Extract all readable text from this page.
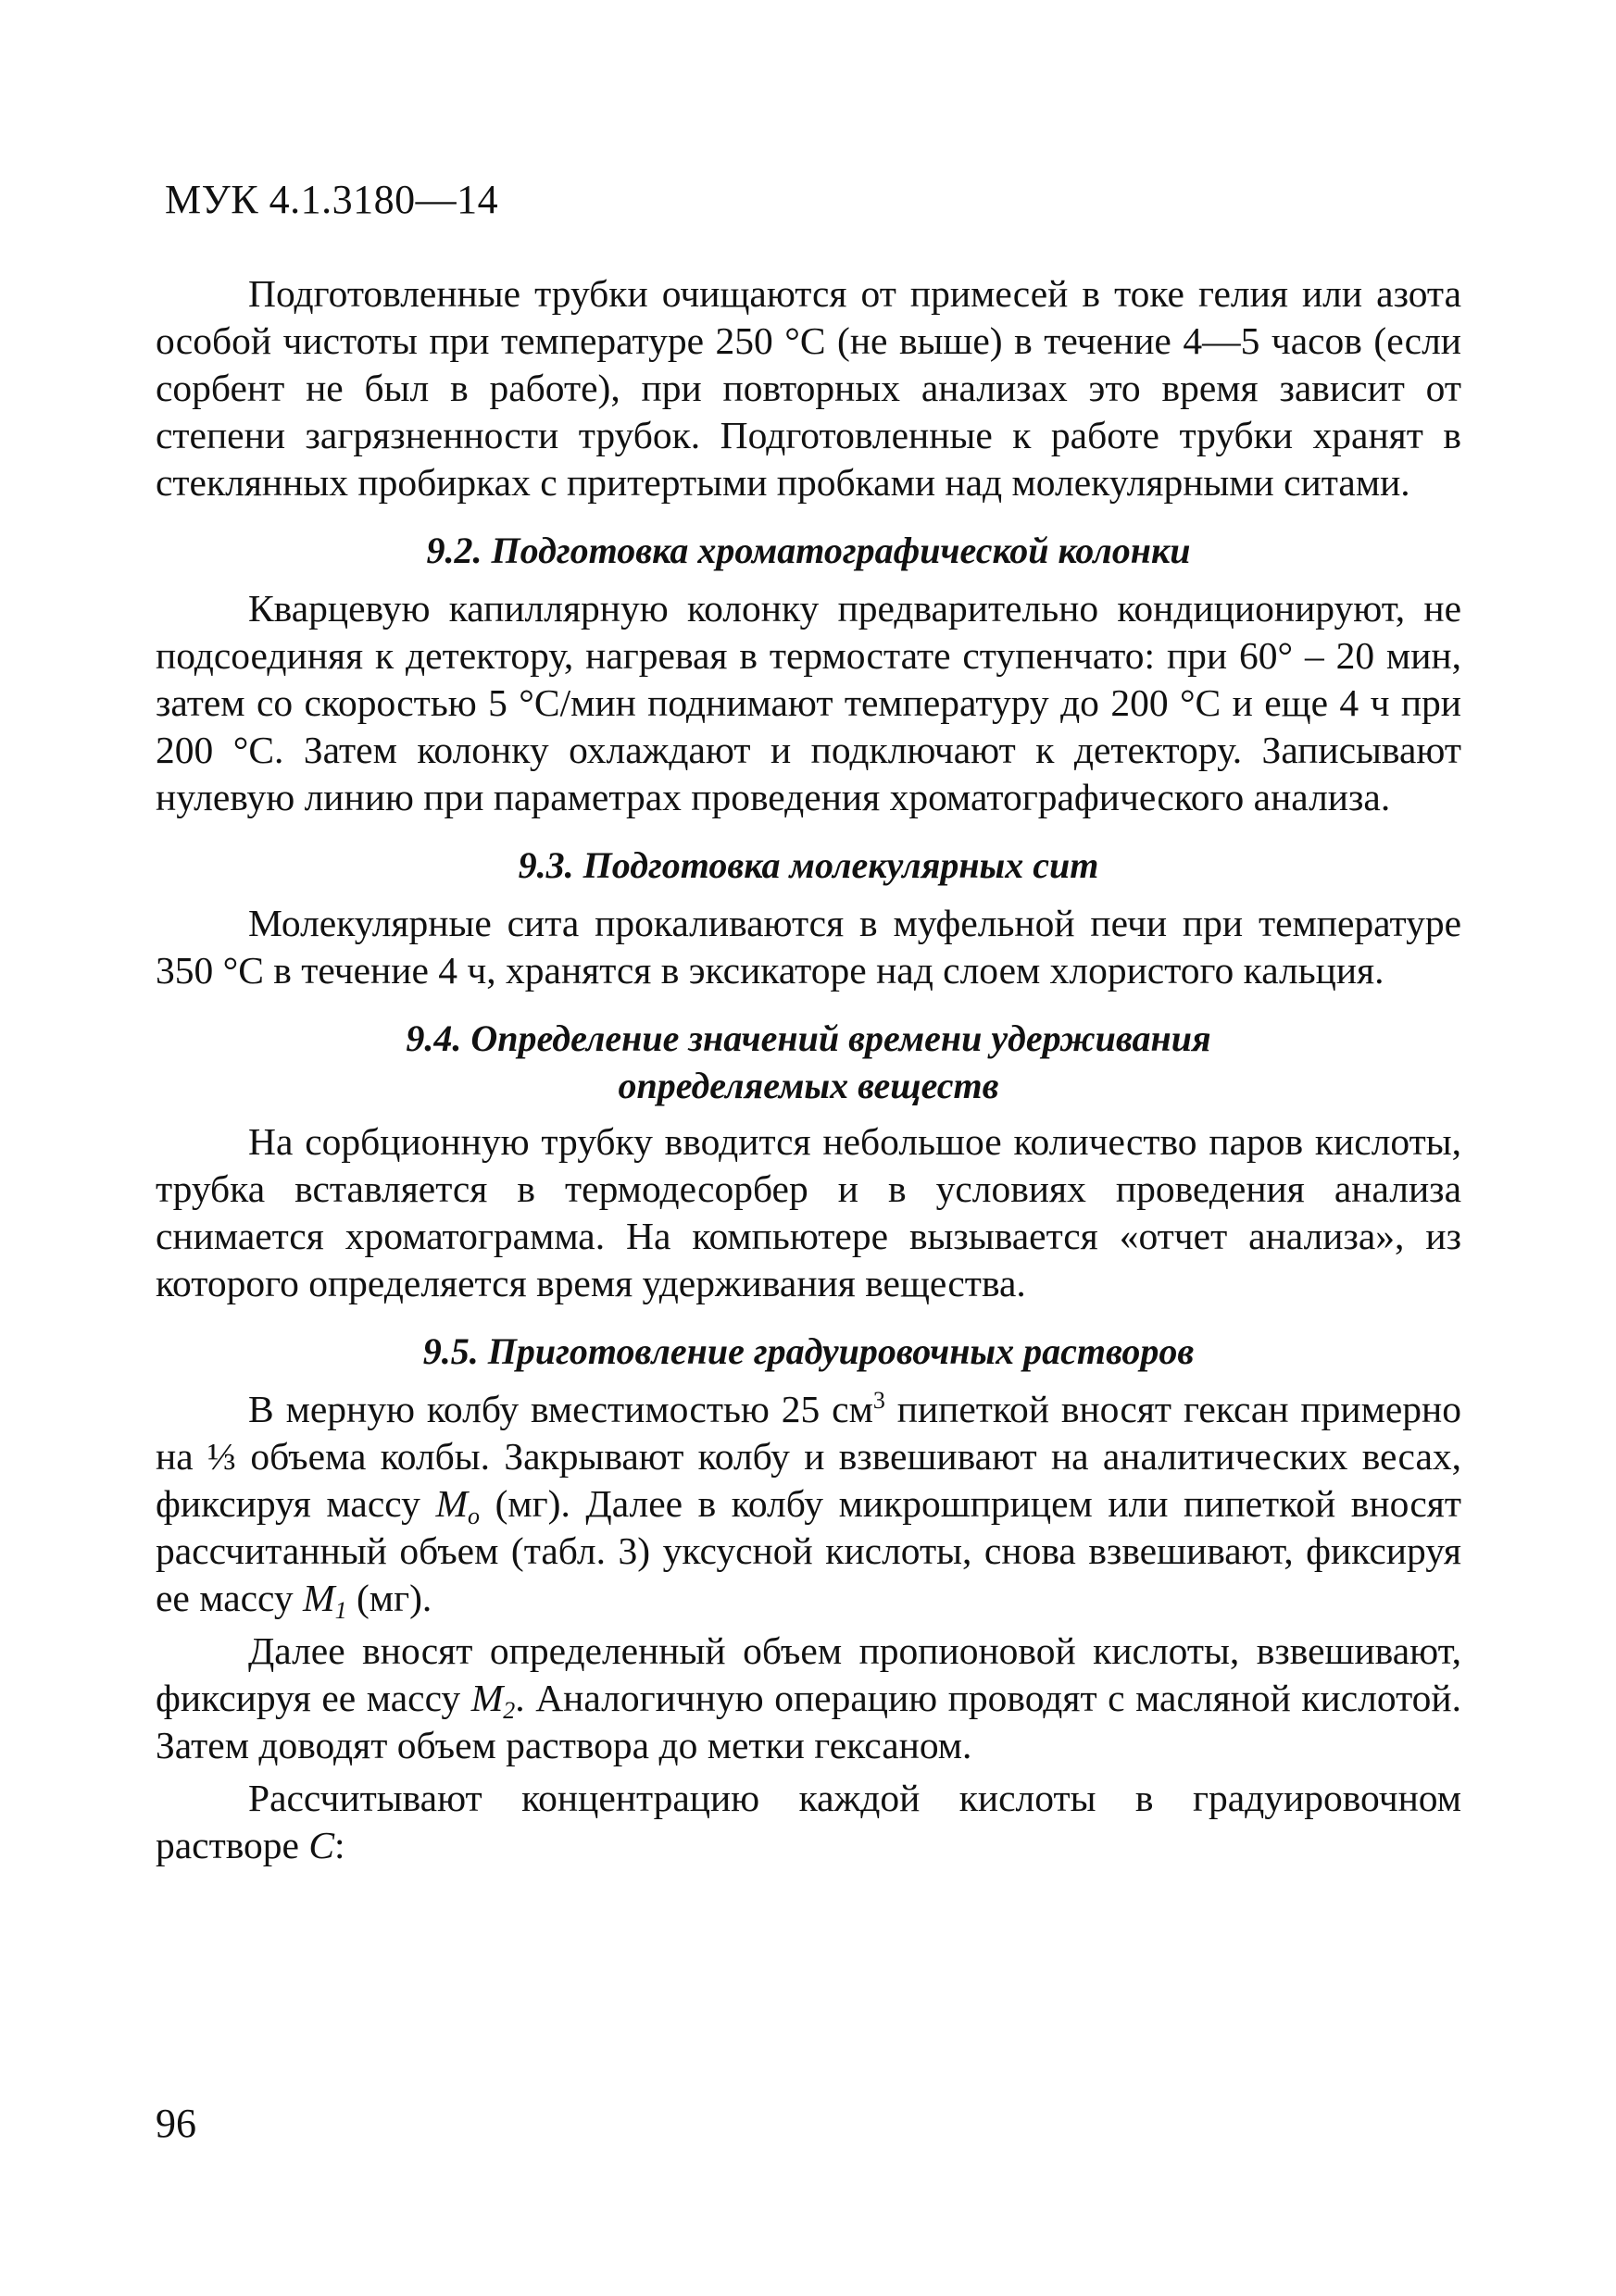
МУК 4.1.3180—14

Подготовленные трубки очищаются от примесей в токе гелия или азота особой чистоты при температуре 250 °С (не выше) в течение 4—5 часов (если сорбент не был в работе), при повторных анализах это время зависит от степени загрязненности трубок. Подготовленные к работе трубки хранят в стеклянных пробирках с притертыми пробками над молекулярными ситами.

9.2. Подготовка хроматографической колонки

Кварцевую капиллярную колонку предварительно кондиционируют, не подсоединяя к детектору, нагревая в термостате ступенчато: при 60° – 20 мин, затем со скоростью 5 °С/мин поднимают температуру до 200 °С и еще 4 ч при 200 °С. Затем колонку охлаждают и подключают к детектору. Записывают нулевую линию при параметрах проведения хроматографического анализа.

9.3. Подготовка молекулярных сит

Молекулярные сита прокаливаются в муфельной печи при температуре 350 °С в течение 4 ч, хранятся в эксикаторе над слоем хлористого кальция.

9.4. Определение значений времени удерживания
определяемых веществ

На сорбционную трубку вводится небольшое количество паров кислоты, трубка вставляется в термодесорбер и в условиях проведения анализа снимается хроматограмма. На компьютере вызывается «отчет анализа», из которого определяется время удерживания вещества.

9.5. Приготовление градуировочных растворов

В мерную колбу вместимостью 25 $см^3$ пипеткой вносят гексан примерно на ⅓ объема колбы. Закрывают колбу и взвешивают на аналитических весах, фиксируя массу $M_o$ (мг). Далее в колбу микрошприцем или пипеткой вносят рассчитанный объем (табл. 3) уксусной кислоты, снова взвешивают, фиксируя ее массу $M_1$ (мг).

Далее вносят определенный объем пропионовой кислоты, взвешивают, фиксируя ее массу $M_2$. Аналогичную операцию проводят с масляной кислотой. Затем доводят объем раствора до метки гексаном.

Рассчитывают концентрацию каждой кислоты в градуировочном растворе С:

96
